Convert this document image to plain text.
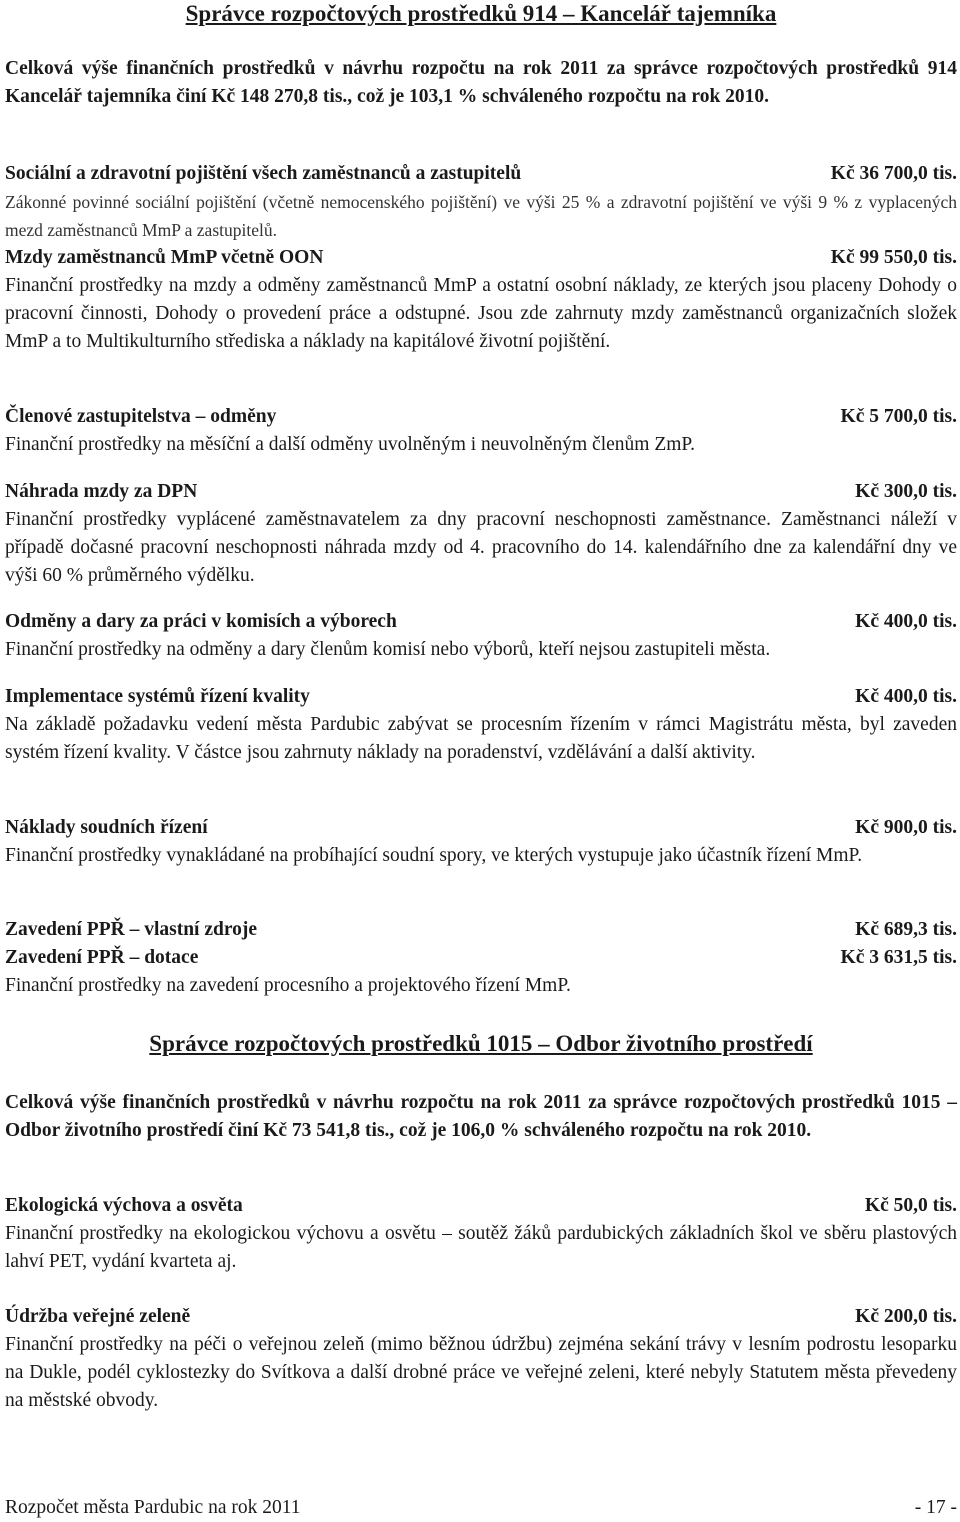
Správce rozpočtových prostředků 914 – Kancelář tajemníka

Celková výše finančních prostředků v návrhu rozpočtu na rok 2011 za správce rozpočtových prostředků 914 Kancelář tajemníka činí Kč 148 270,8 tis., což je 103,1 % schváleného rozpočtu na rok 2010.

Sociální a zdravotní pojištění všech zaměstnanců a zastupitelů	Kč 36 700,0 tis.

Zákonné povinné sociální pojištění (včetně nemocenského pojištění) ve výši 25 % a zdravotní pojištění ve výši 9 % z vyplacených mezd zaměstnanců MmP a zastupitelů.

Mzdy zaměstnanců MmP včetně OON	Kč 99 550,0 tis.

Finanční prostředky na mzdy a odměny zaměstnanců MmP a ostatní osobní náklady, ze kterých jsou placeny Dohody o pracovní činnosti, Dohody o provedení práce a odstupné. Jsou zde zahrnuty mzdy zaměstnanců organizačních složek MmP a to Multikulturního střediska a náklady na kapitálové životní pojištění.

Členové zastupitelstva – odměny	Kč 5 700,0 tis.

Finanční prostředky na měsíční a další odměny uvolněným i neuvolněným členům ZmP.

Náhrada mzdy za DPN	Kč 300,0 tis.

Finanční prostředky vyplácené zaměstnavatelem za dny pracovní neschopnosti zaměstnance. Zaměstnanci náleží v případě dočasné pracovní neschopnosti náhrada mzdy od 4. pracovního do 14. kalendářního dne za kalendářní dny ve výši 60 % průměrného výdělku.

Odměny a dary za práci v komisích a výborech	Kč 400,0 tis.

Finanční prostředky na odměny a dary členům komisí nebo výborů, kteří nejsou zastupiteli města.

Implementace systémů řízení kvality	Kč 400,0 tis.

Na základě požadavku vedení města Pardubic zabývat se procesním řízením v rámci Magistrátu města, byl zaveden systém řízení kvality. V částce jsou zahrnuty náklady na poradenství, vzdělávání a další aktivity.

Náklady soudních řízení	Kč 900,0 tis.

Finanční prostředky vynakládané na probíhající soudní spory, ve kterých vystupuje jako účastník řízení MmP.

Zavedení PPŘ – vlastní zdroje	Kč 689,3 tis.
Zavedení PPŘ – dotace	Kč 3 631,5 tis.

Finanční prostředky na zavedení procesního a projektového řízení MmP.

Správce rozpočtových prostředků 1015 – Odbor životního prostředí

Celková výše finančních prostředků v návrhu rozpočtu na rok 2011 za správce rozpočtových prostředků 1015 – Odbor životního prostředí činí Kč 73 541,8 tis., což je 106,0 % schváleného rozpočtu na rok 2010.

Ekologická výchova a osvěta	Kč 50,0 tis.

Finanční prostředky na ekologickou výchovu a osvětu – soutěž žáků pardubických základních škol ve sběru plastových lahví PET, vydání kvarteta aj.

Údržba veřejné zeleně	Kč 200,0 tis.

Finanční prostředky na péči o veřejnou zeleň (mimo běžnou údržbu) zejména sekání trávy v lesním podrostu lesoparku na Dukle, podél cyklostezky do Svítkova a další drobné práce ve veřejné zeleni, které nebyly Statutem města převedeny na městské obvody.

Rozpočet města Pardubic na rok 2011	- 17 -
